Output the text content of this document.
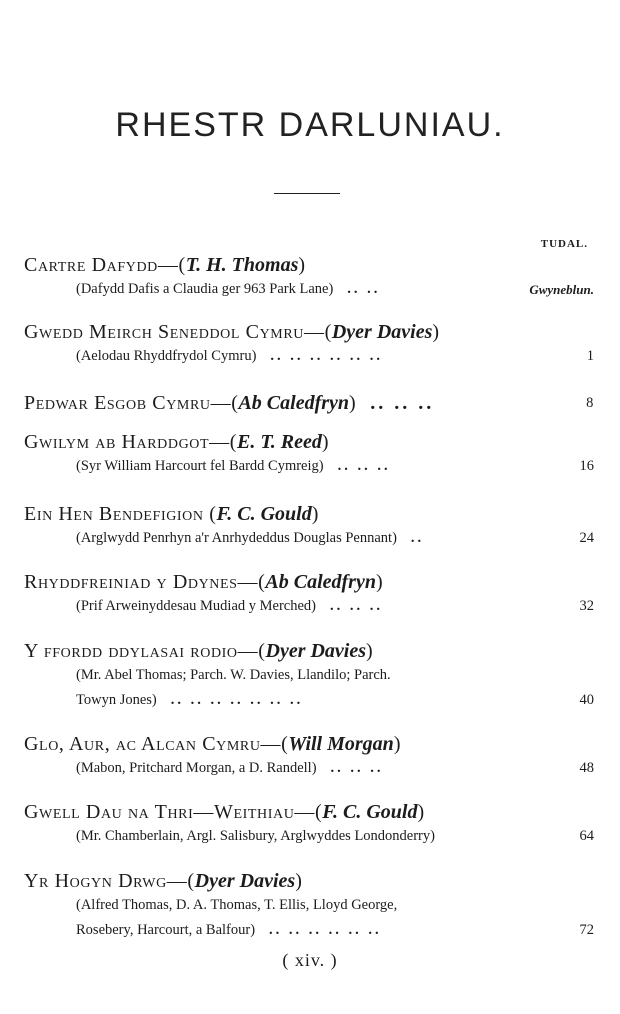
RHESTR DARLUNIAU.
TUDAL.
Cartre Dafydd—(T. H. Thomas)
(Dafydd Dafis a Claudia ger 963 Park Lane) .. ..	Gwyneblun.
Gwedd Meirch Seneddol Cymru—(Dyer Davies)
(Aelodau Rhyddfrydol Cymru) .. .. .. .. .. ..	1
Pedwar Esgob Cymru—(Ab Caledfryn) .. .. ..	8
Gwilym ab Harddgot—(E. T. Reed)
(Syr William Harcourt fel Bardd Cymreig) .. .. ..	16
Ein Hen Bendefigion (F. C. Gould)
(Arglwydd Penrhyn a'r Anrhydeddus Douglas Pennant) ..	24
Rhyddfreiniad y Ddynes—(Ab Caledfryn)
(Prif Arweinyddesau Mudiad y Merched) .. .. ..	32
Y ffordd ddylasai rodio—(Dyer Davies)
(Mr. Abel Thomas; Parch. W. Davies, Llandilo; Parch.
Towyn Jones) .. .. .. .. .. .. ..	40
Glo, Aur, ac Alcan Cymru—(Will Morgan)
(Mabon, Pritchard Morgan, a D. Randell) .. .. ..	48
Gwell Dau na Thri—Weithiau—(F. C. Gould)
(Mr. Chamberlain, Argl. Salisbury, Arglwyddes Londonderry)	64
Yr Hogyn Drwg—(Dyer Davies)
(Alfred Thomas, D. A. Thomas, T. Ellis, Lloyd George,
Rosebery, Harcourt, a Balfour) .. .. .. .. .. ..	72
( xiv. )
